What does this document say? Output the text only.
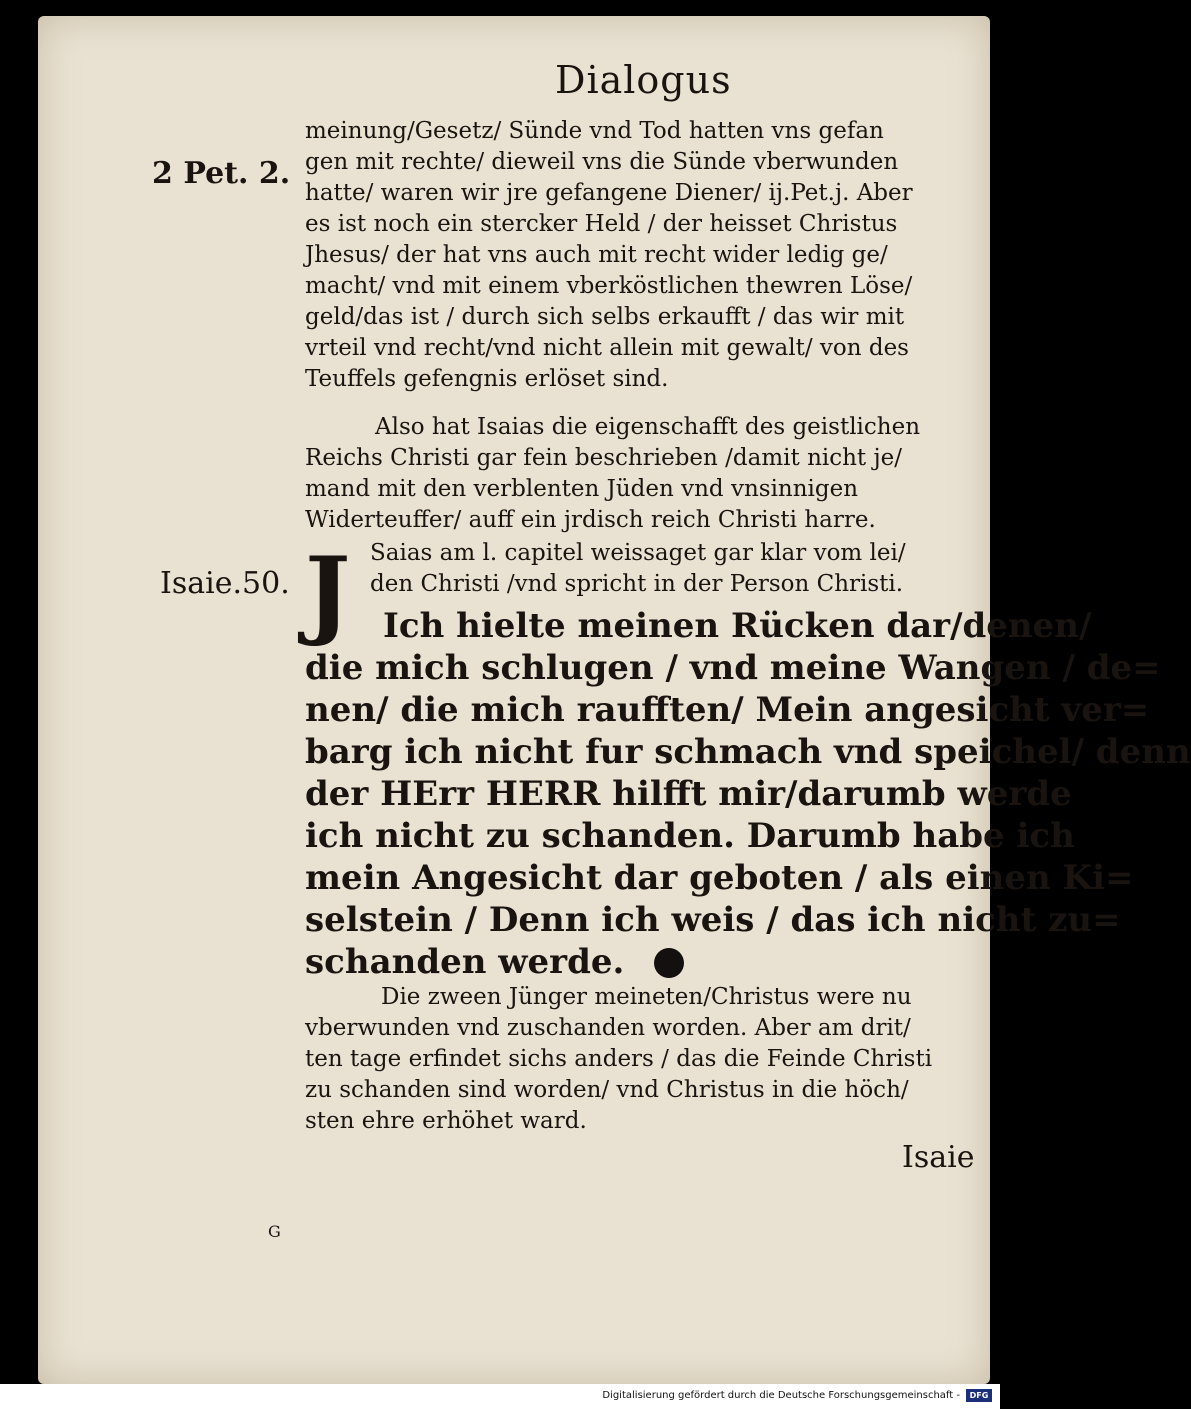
Dialogus
2 Pet. 2.
Isaie.50.
meinung/Gesetz/ Sünde vnd Tod hatten vns gefan
gen mit rechte/ dieweil vns die Sünde vberwunden
hatte/ waren wir jre gefangene Diener/ ij.Pet.j. Aber
es ist noch ein stercker Held / der heisset Christus
Jhesus/ der hat vns auch mit recht wider ledig ge/
macht/ vnd mit einem vberköstlichen thewren Löse/
geld/das ist / durch sich selbs erkaufft / das wir mit
vrteil vnd recht/vnd nicht allein mit gewalt/ von des
Teuffels gefengnis erlöset sind.
Also hat Isaias die eigenschafft des geistlichen
Reichs Christi gar fein beschrieben /damit nicht je/
mand mit den verblenten Jüden vnd vnsinnigen
Widerteuffer/ auff ein jrdisch reich Christi harre.
J Saias am l. capitel weissaget gar klar vom lei/
den Christi /vnd spricht in der Person Christi.
Ich hielte meinen Rücken dar/denen/
die mich schlugen / vnd meine Wangen / de=
nen/ die mich raufften/ Mein angesicht ver=
barg ich nicht fur schmach vnd speichel/ denn
der HErr HERR hilfft mir/darumb werde
ich nicht zu schanden. Darumb habe ich
mein Angesicht dar geboten / als einen Ki=
selstein / Denn ich weis / das ich nicht zu=
schanden werde.
Die zween Jünger meineten/Christus were nu
vberwunden vnd zuschanden worden. Aber am drit/
ten tage erfindet sichs anders / das die Feinde Christi
zu schanden sind worden/ vnd Christus in die höch/
sten ehre erhöhet ward.
Isaie
G
Digitalisierung gefördert durch die Deutsche Forschungsgemeinschaft -	DFG
